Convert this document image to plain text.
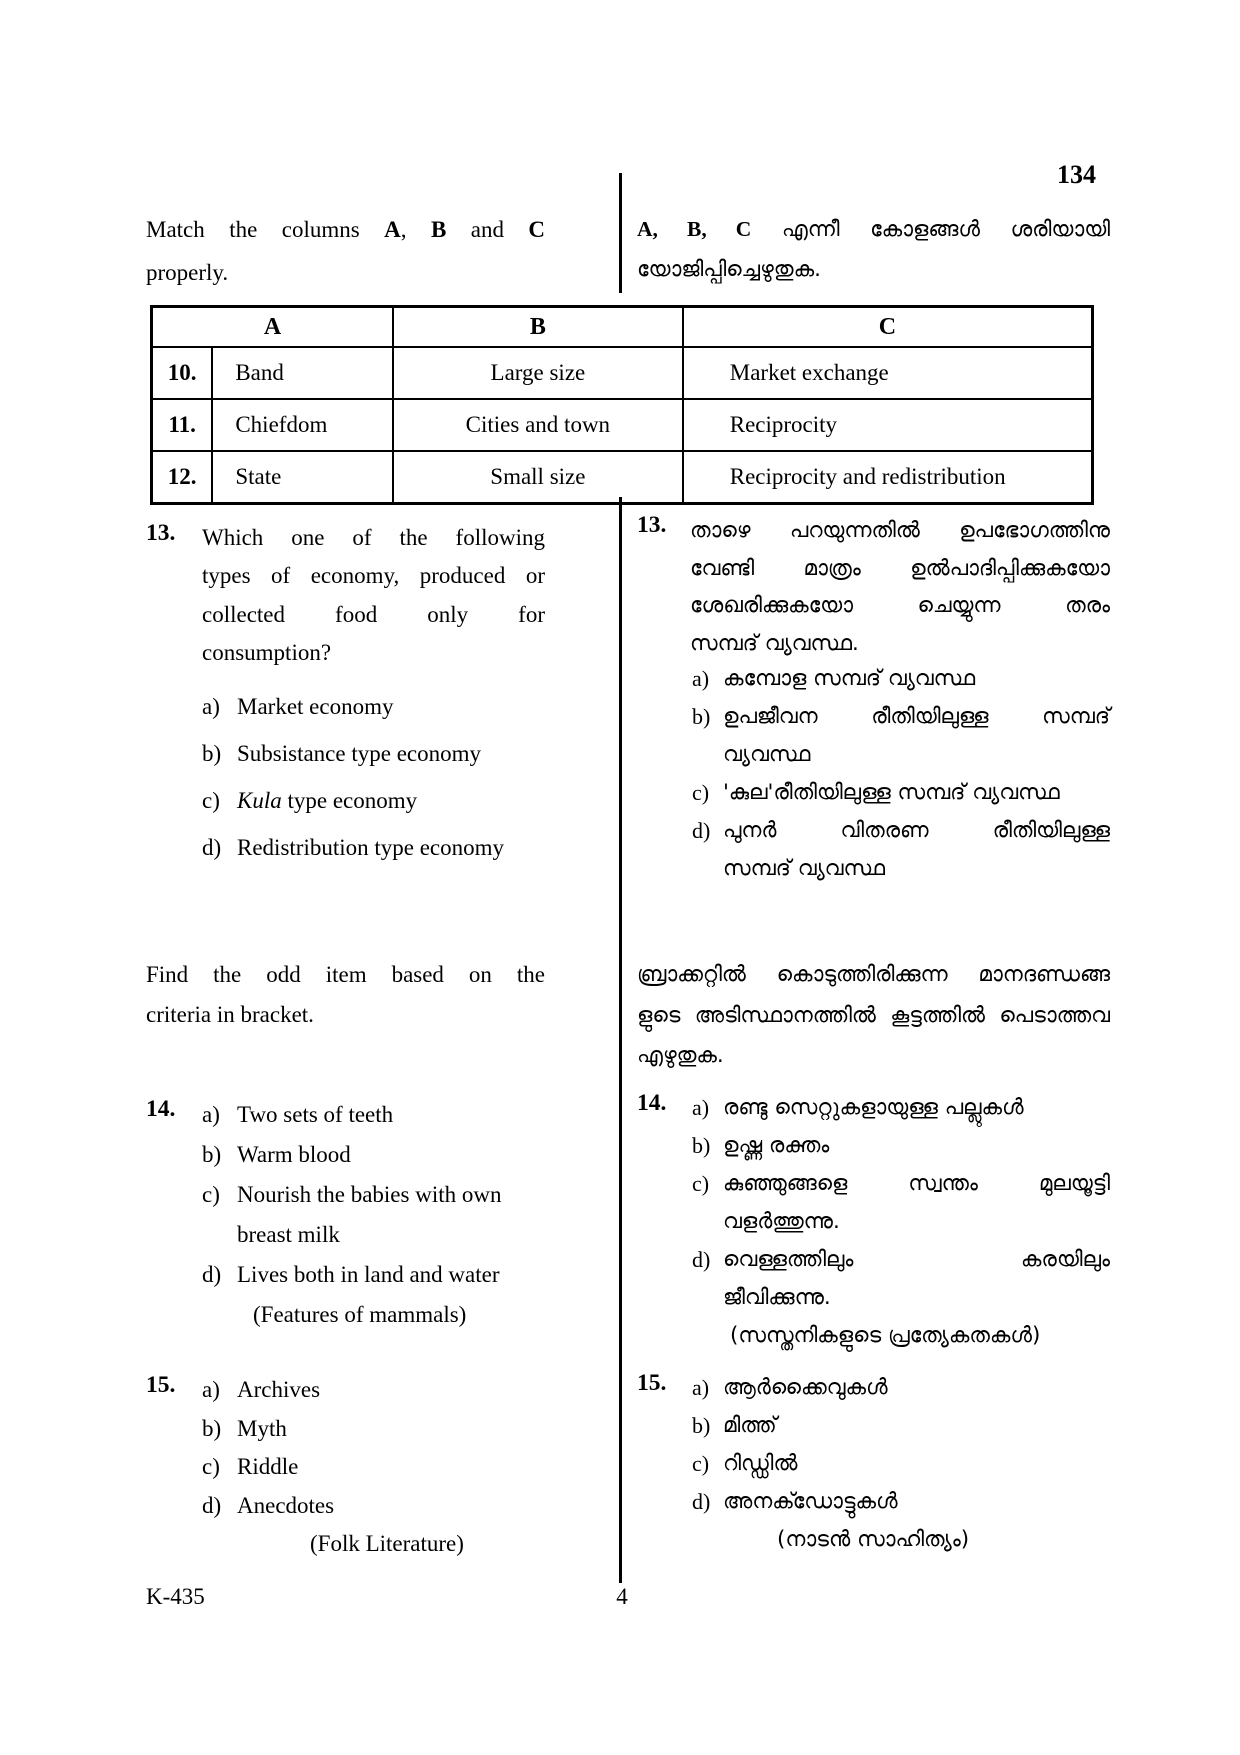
134
Match the columns A, B and C
properly.
A, B, C എന്നീ കോളങ്ങൾ ശരിയായി
യോജിപ്പിച്ചെഴുതുക.
A		B	C
10.	Band	Large size	Market exchange
11.	Chiefdom	Cities and town	Reciprocity
12.	State	Small size	Reciprocity and redistribution
13. Which one of the following
types of economy, produced or
collected food only for
consumption?
a) Market economy
b) Subsistance type economy
c) Kula type economy
d) Redistribution type economy
13. താഴെ പറയുന്നതിൽ ഉപഭോഗത്തിനു
വേണ്ടി മാത്രം ഉൽപാദിപ്പിക്കുകയോ
ശേഖരിക്കുകയോ ചെയ്യുന്ന തരം
സമ്പദ് വ്യവസ്ഥ.
a) കമ്പോള സമ്പദ് വ്യവസ്ഥ
b) ഉപജീവന രീതിയിലുള്ള സമ്പദ്
വ്യവസ്ഥ
c) 'കുല'രീതിയിലുള്ള സമ്പദ് വ്യവസ്ഥ
d) പുനർ വിതരണ രീതിയിലുള്ള
സമ്പദ് വ്യവസ്ഥ
Find the odd item based on the
criteria in bracket.
ബ്രാക്കറ്റിൽ കൊടുത്തിരിക്കുന്ന മാനദണ്ഡങ്ങ
ളുടെ അടിസ്ഥാനത്തിൽ കൂട്ടത്തിൽ പെടാത്തവ
എഴുതുക.
14. a) Two sets of teeth
b) Warm blood
c) Nourish the babies with own
breast milk
d) Lives both in land and water
(Features of mammals)
14. a) രണ്ടു സെറ്റുകളായുള്ള പല്ലുകൾ
b) ഉഷ്ണ രക്തം
c) കുഞ്ഞുങ്ങളെ സ്വന്തം മുലയൂട്ടി
വളർത്തുന്നു.
d) വെള്ളത്തിലും കരയിലും
ജീവിക്കുന്നു.
(സസ്തനികളുടെ പ്രത്യേകതകൾ)
15. a) Archives
b) Myth
c) Riddle
d) Anecdotes
(Folk Literature)
15. a) ആർക്കൈവുകൾ
b) മിത്ത്
c) റിഡ്ഡിൽ
d) അനക്ഡോട്ടുകൾ
(നാടൻ സാഹിത്യം)
K-435	4
